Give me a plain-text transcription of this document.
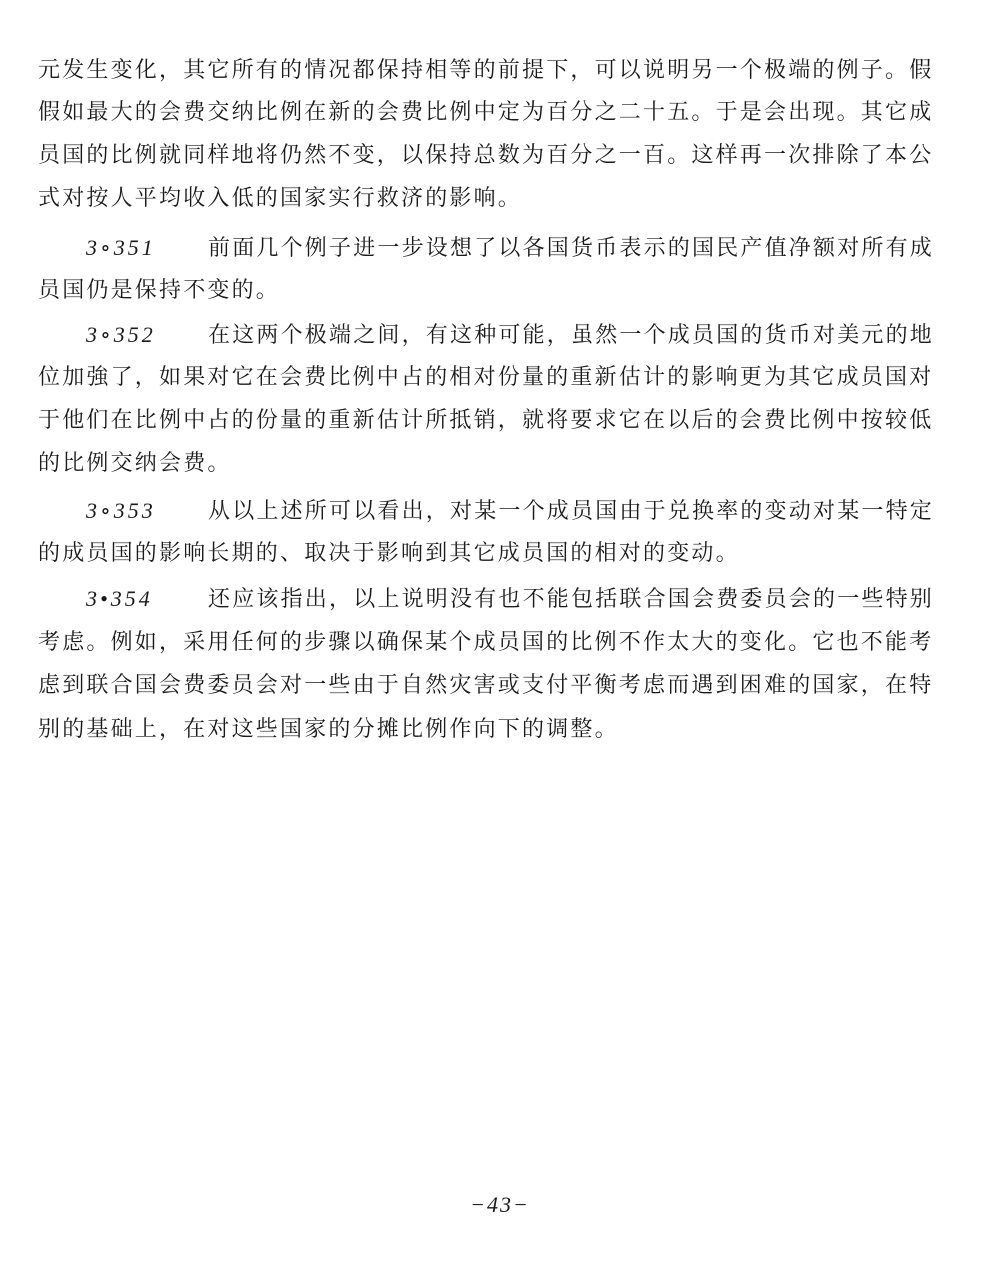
元发生变化，其它所有的情况都保持相等的前提下，可以说明另一个极端的例子。假
假如最大的会费交纳比例在新的会费比例中定为百分之二十五。于是会出现。其它成
员国的比例就同样地将仍然不变，以保持总数为百分之一百。这样再一次排除了本公
式对按人平均收入低的国家实行救济的影响。
3∘351 前面几个例子进一步设想了以各国货币表示的国民产值净额对所有成
员国仍是保持不变的。
3∘352 在这两个极端之间，有这种可能，虽然一个成员国的货币对美元的地
位加強了，如果对它在会费比例中占的相对份量的重新估计的影响更为其它成员国对
于他们在比例中占的份量的重新估计所抵销，就将要求它在以后的会费比例中按较低
的比例交纳会费。
3∘353 从以上述所可以看出，对某一个成员国由于兑换率的变动对某一特定
的成员国的影响长期的、取决于影响到其它成员国的相对的变动。
3•354	还应该指出，以上说明没有也不能包括联合国会费委员会的一些特别
考虑。例如，采用任何的步骤以确保某个成员国的比例不作太大的变化。它也不能考
虑到联合国会费委员会对一些由于自然灾害或支付平衡考虑而遇到困难的国家，在特
别的基础上，在对这些国家的分摊比例作向下的调整。
−43−
